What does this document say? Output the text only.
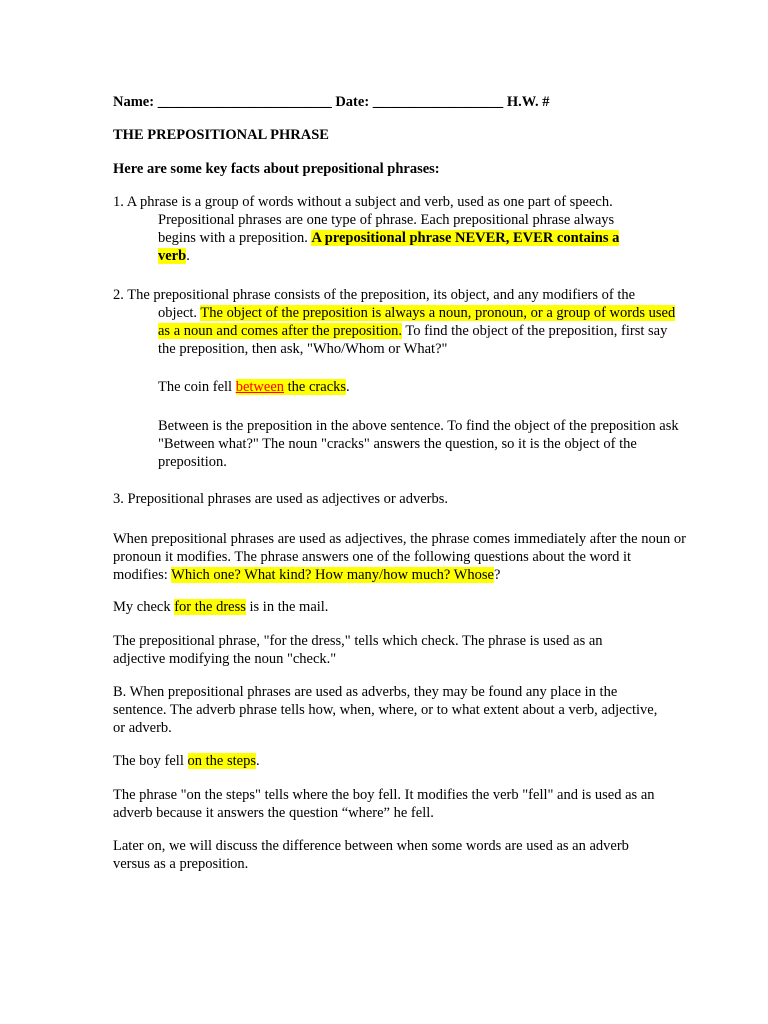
Name: ________________________ Date: __________________ H.W. #

THE PREPOSITIONAL PHRASE

Here are some key facts about prepositional phrases:

1. A phrase is a group of words without a subject and verb, used as one part of speech.

Prepositional phrases are one type of phrase. Each prepositional phrase always begins with a preposition. A prepositional phrase NEVER, EVER contains a verb.

2. The prepositional phrase consists of the preposition, its object, and any modifiers of the

object. The object of the preposition is always a noun, pronoun, or a group of words used as a noun and comes after the preposition. To find the object of the preposition, first say the preposition, then ask, "Who/Whom or What?"

The coin fell between the cracks.

Between is the preposition in the above sentence. To find the object of the preposition ask "Between what?" The noun "cracks" answers the question, so it is the object of the preposition.

3. Prepositional phrases are used as adjectives or adverbs.

When prepositional phrases are used as adjectives, the phrase comes immediately after the noun or pronoun it modifies. The phrase answers one of the following questions about the word it modifies: Which one? What kind? How many/how much? Whose?

My check for the dress is in the mail.

The prepositional phrase, "for the dress," tells which check. The phrase is used as an adjective modifying the noun "check."

B. When prepositional phrases are used as adverbs, they may be found any place in the sentence. The adverb phrase tells how, when, where, or to what extent about a verb, adjective, or adverb.

The boy fell on the steps.

The phrase "on the steps" tells where the boy fell. It modifies the verb "fell" and is used as an adverb because it answers the question “where” he fell.

Later on, we will discuss the difference between when some words are used as an adverb versus as a preposition.
